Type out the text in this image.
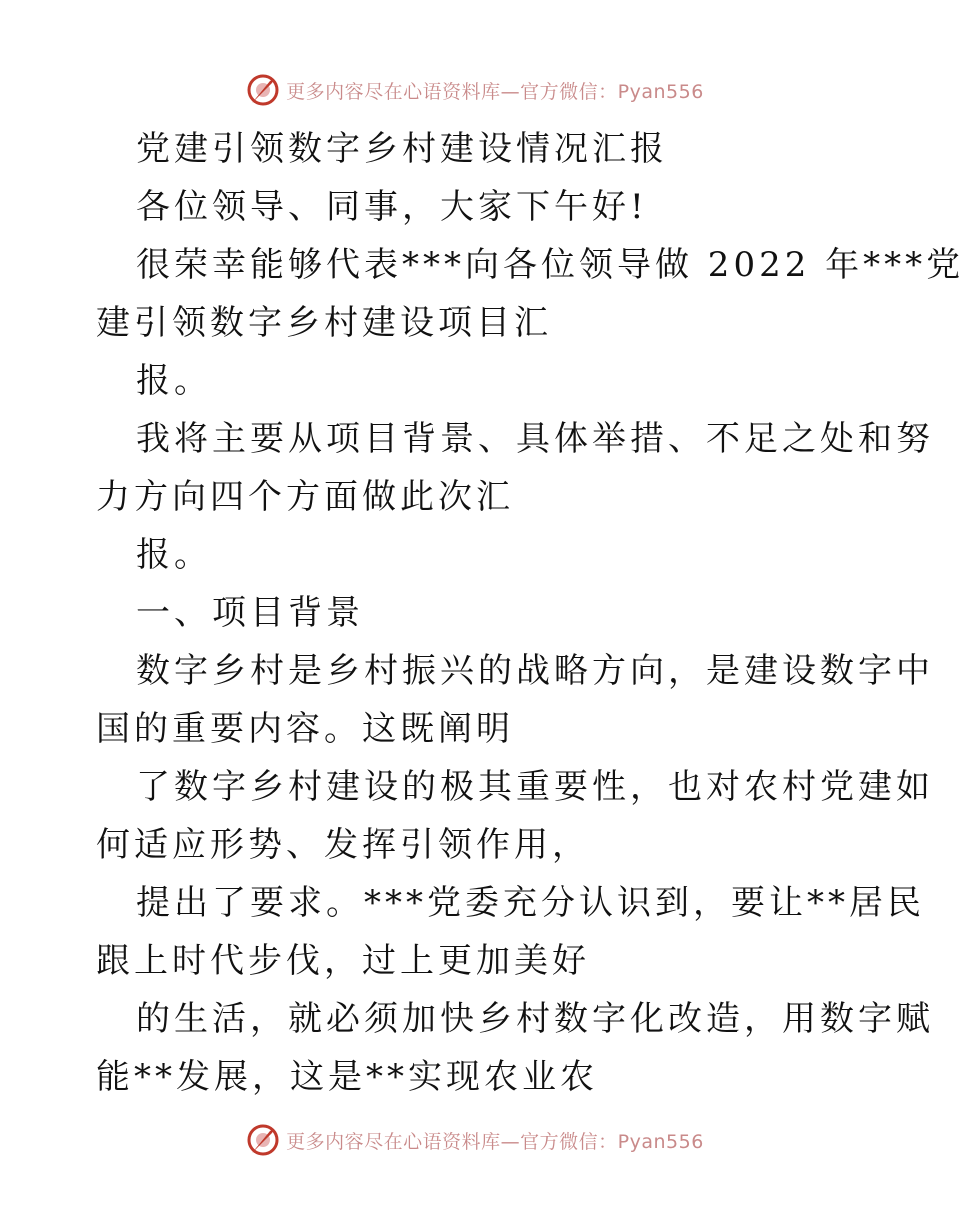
更多内容尽在心语资料库—官方微信：Pyan556
党建引领数字乡村建设情况汇报
各位领导、同事，大家下午好!
很荣幸能够代表***向各位领导做 2022 年***党
建引领数字乡村建设项目汇
报。
我将主要从项目背景、具体举措、不足之处和努
力方向四个方面做此次汇
报。
一、项目背景
数字乡村是乡村振兴的战略方向，是建设数字中
国的重要内容。这既阐明
了数字乡村建设的极其重要性，也对农村党建如
何适应形势、发挥引领作用，
提出了要求。***党委充分认识到，要让**居民
跟上时代步伐，过上更加美好
的生活，就必须加快乡村数字化改造，用数字赋
能**发展，这是**实现农业农
更多内容尽在心语资料库—官方微信：Pyan556
